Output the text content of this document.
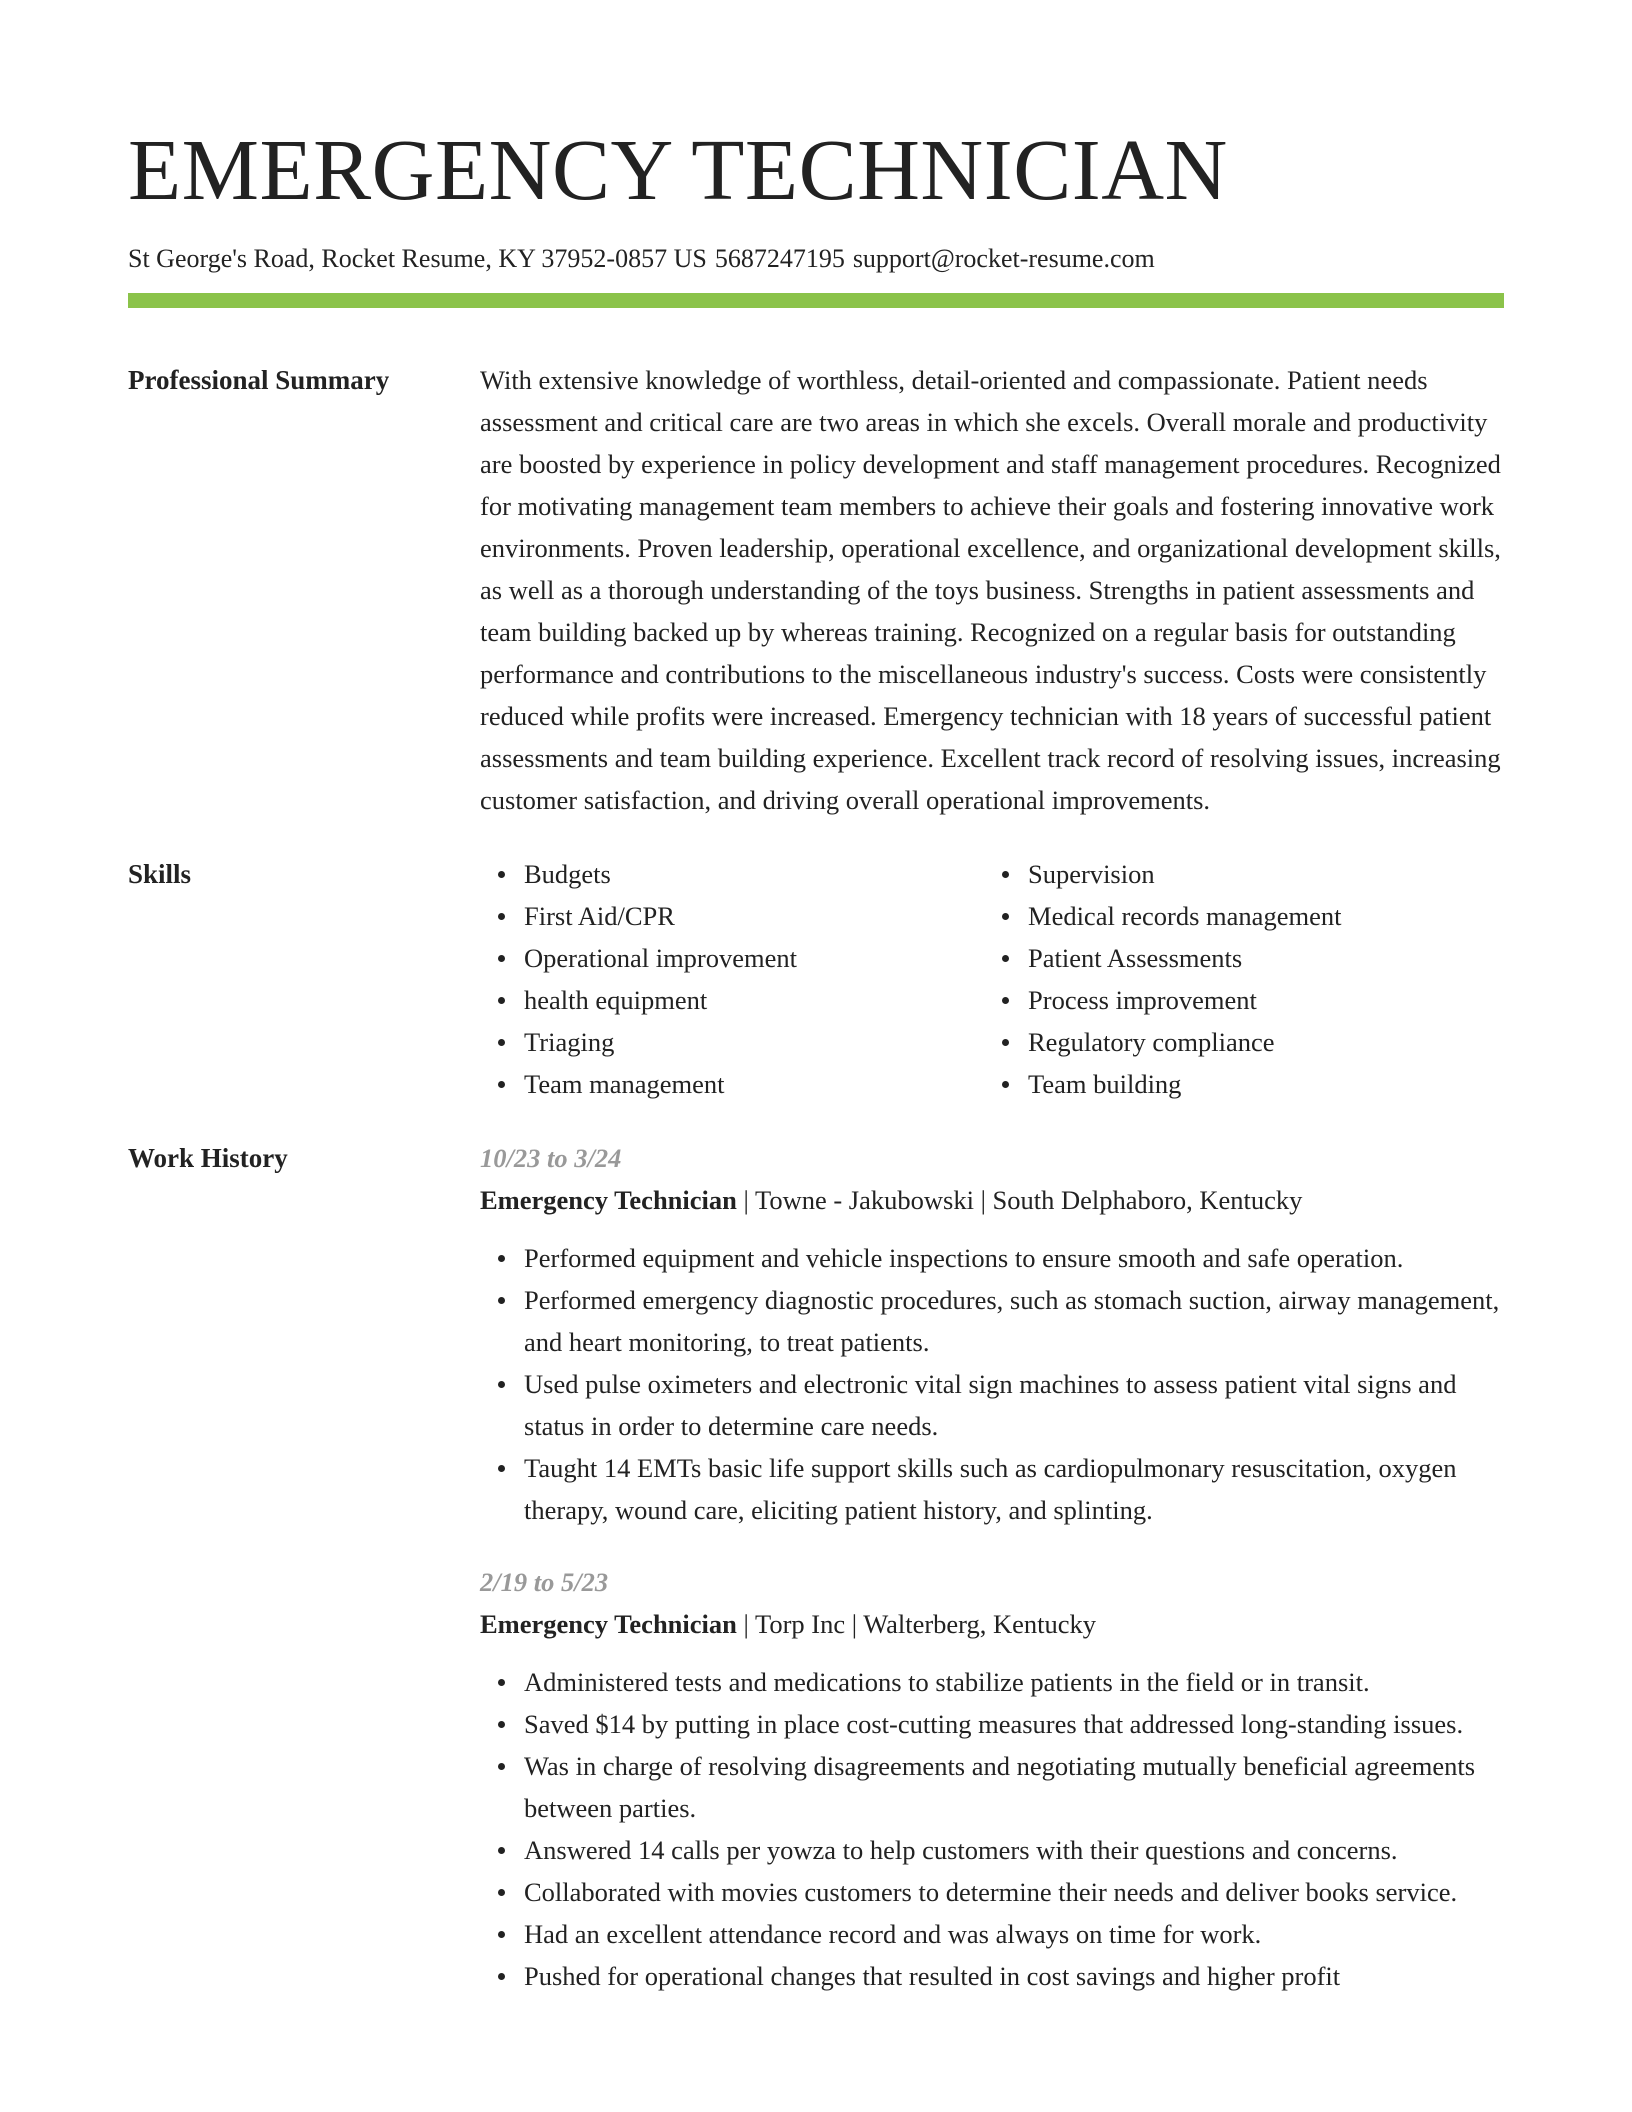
EMERGENCY TECHNICIAN
St George's Road, Rocket Resume, KY 37952-0857 US 5687247195 support@rocket-resume.com
Professional Summary	With extensive knowledge of worthless, detail-oriented and compassionate. Patient needs assessment and critical care are two areas in which she excels. Overall morale and productivity are boosted by experience in policy development and staff management procedures. Recognized for motivating management team members to achieve their goals and fostering innovative work environments. Proven leadership, operational excellence, and organizational development skills, as well as a thorough understanding of the toys business. Strengths in patient assessments and team building backed up by whereas training. Recognized on a regular basis for outstanding performance and contributions to the miscellaneous industry's success. Costs were consistently reduced while profits were increased. Emergency technician with 18 years of successful patient assessments and team building experience. Excellent track record of resolving issues, increasing customer satisfaction, and driving overall operational improvements.

Skills	Budgets
First Aid/CPR
Operational improvement
health equipment
Triaging
Team management
Supervision
Medical records management
Patient Assessments
Process improvement
Regulatory compliance
Team building
Work History	10/23 to 3/24
Emergency Technician | Towne - Jakubowski | South Delphaboro, Kentucky
Performed equipment and vehicle inspections to ensure smooth and safe operation.
Performed emergency diagnostic procedures, such as stomach suction, airway management, and heart monitoring, to treat patients.
Used pulse oximeters and electronic vital sign machines to assess patient vital signs and status in order to determine care needs.
Taught 14 EMTs basic life support skills such as cardiopulmonary resuscitation, oxygen therapy, wound care, eliciting patient history, and splinting.
2/19 to 5/23
Emergency Technician | Torp Inc | Walterberg, Kentucky
Administered tests and medications to stabilize patients in the field or in transit.
Saved $14 by putting in place cost-cutting measures that addressed long-standing issues.
Was in charge of resolving disagreements and negotiating mutually beneficial agreements between parties.
Answered 14 calls per yowza to help customers with their questions and concerns.
Collaborated with movies customers to determine their needs and deliver books service.
Had an excellent attendance record and was always on time for work.
Pushed for operational changes that resulted in cost savings and higher profit
